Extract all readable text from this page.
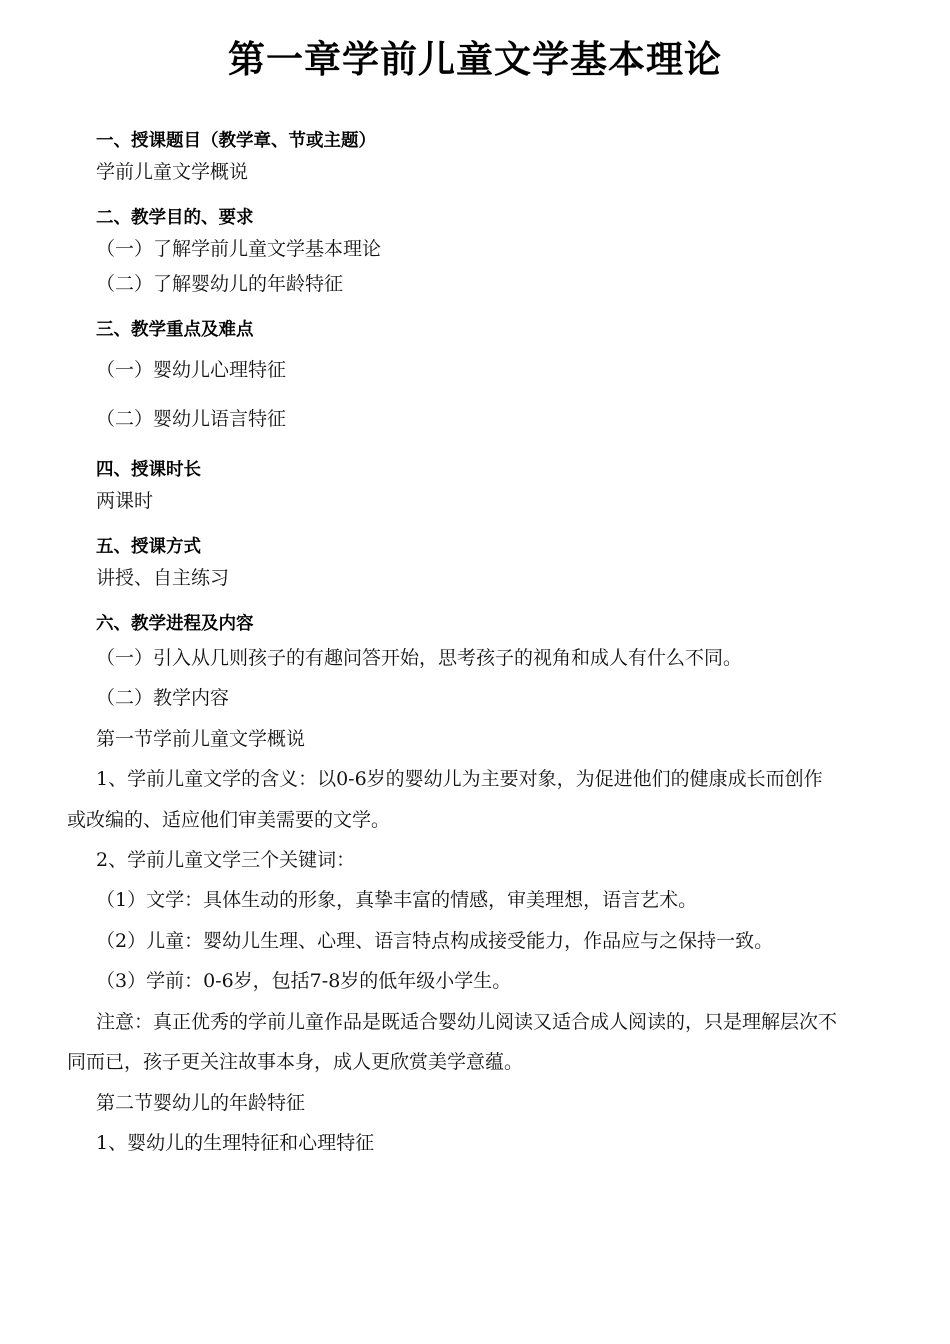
第一章学前儿童文学基本理论
一、授课题目（教学章、节或主题）
学前儿童文学概说
二、教学目的、要求
（一）了解学前儿童文学基本理论
（二）了解婴幼儿的年龄特征
三、教学重点及难点
（一）婴幼儿心理特征
（二）婴幼儿语言特征
四、授课时长
两课时
五、授课方式
讲授、自主练习
六、教学进程及内容
（一）引入从几则孩子的有趣问答开始，思考孩子的视角和成人有什么不同。
（二）教学内容
第一节学前儿童文学概说
1、学前儿童文学的含义：以0-6岁的婴幼儿为主要对象，为促进他们的健康成长而创作
或改编的、适应他们审美需要的文学。
2、学前儿童文学三个关键词：
（1）文学：具体生动的形象，真挚丰富的情感，审美理想，语言艺术。
（2）儿童：婴幼儿生理、心理、语言特点构成接受能力，作品应与之保持一致。
（3）学前：0-6岁，包括7-8岁的低年级小学生。
注意：真正优秀的学前儿童作品是既适合婴幼儿阅读又适合成人阅读的，只是理解层次不
同而已，孩子更关注故事本身，成人更欣赏美学意蕴。
第二节婴幼儿的年龄特征
1、婴幼儿的生理特征和心理特征
